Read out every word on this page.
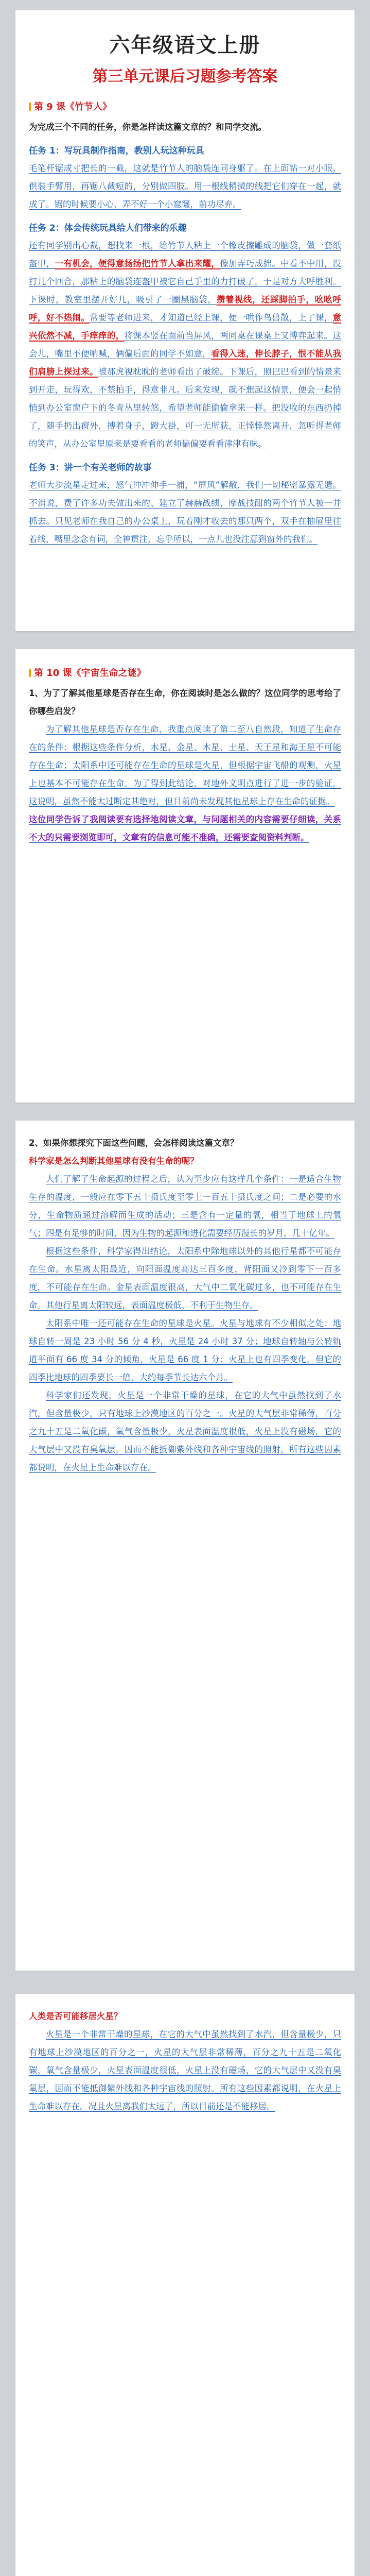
六年级语文上册
第三单元课后习题参考答案
第 9 课《竹节人》

为完成三个不同的任务，你是怎样读这篇文章的？和同学交流。

任务 1：写玩具制作指南，教别人玩这种玩具

毛笔杆锯成寸把长的一截，这就是竹节人的脑袋连同身躯了。在上面钻一对小眼，供装手臂用，再锯八截短的，分别做四肢。用一根线稍微的线把它们穿在一起，就成了。锯的时候要小心，弄不好一个小窟窿，前功尽弃。

任务 2：体会传统玩具给人们带来的乐趣

还有同学别出心裁，想找来一根，给竹节人粘上一个橡皮擦雕成的脑袋，做一套纸盔甲，一有机会，便得意扬扬把竹节人拿出来耀，像加弄巧成拙。中看不中用，没打几个回合，那粘上的脑袋连盔甲被它自己手里的力打破了。于是对方大呼胜利。下课时，教室里摆开好几，吸引了一圈黑脑袋，攒着视线，还踩脚拍手，吆吆呼呼，好不热闹。常要等老师进来，才知道已经上课，便一哄作鸟兽散，上了课，意兴依然不减，手痒痒的，将课本竖在面前当屏风，两同桌在课桌上又博弈起来。这会儿，嘴里不便呐喊，俩偏后面的同学不如意，看得入迷，伸长脖子，恨不能从我们肩膀上探过来。被那虎视眈眈的老师看出了破绽。下课后，照巴巴看到的情景来到开走，玩得欢，不禁拍手，得意非凡。后来发现，就不想起这情景，便会一起悄悄到办公室窗户下的冬青丛里转悠，希望老师能偷偷拿来一样。把没收的东西扔掉了，随手扔出窗外，搏着身子，蹬大褂，可一无所获，正悻悻然离开，忽听得老师的笑声，从办公室里原来是要看看的老师偏偏要看看津津有味。

任务 3：讲一个有关老师的故事

老师大步流星走过来，怒气冲冲伸手一捕，“屏风”解散，我们一切秘密暴露无遗。不消说，费了许多功夫做出来的、建立了赫赫战绩，摩战技酣的两个竹节人被一并抓去。只见老师在我自己的办公桌上，玩着刚才收去的那只两个，双手在抽屉里往着线，嘴里念念有词，全神贯注，忘乎所以，一点儿也没注意到窗外的我们。

第 10 课《宇宙生命之谜》

1、为了了解其他星球是否存在生命，你在阅读时是怎么做的？这位同学的思考给了你哪些启发？

为了解其他星球是否存在生命，我重点阅读了第二至八自然段，知道了生命存在的条件：根据这些条件分析，水星、金星、木星、土星、天王星和海王星不可能存在生命；太阳系中还可能存在生命的星球是火星，但根据宇宙飞船的观测，火星上也基本不可能存在生命。为了得到此结论，对地外文明点进行了进一步的验证，这说明，虽然不能太过断定其绝对，但目前尚未发现其他星球上存在生命的证据。

这位同学告诉了我阅读要有选择地阅读文章，与问题相关的内容需要仔细读，关系不大的只需要浏览即可，文章有的信息可能不准确，还需要查阅资料判断。

2、如果你想探究下面这些问题，会怎样阅读这篇文章？

科学家是怎么判断其他星球有没有生命的呢？

人们了解了生命起源的过程之后，认为至少应有这样几个条件：一是适合生物生存的温度，一般应在零下五十摄氏度至零上一百五十摄氏度之间；二是必要的水分，生命物质通过溶解而生成的活动；三是含有一定量的氧，相当于地球上的氧气；四是有足够的时间，因为生物的起源和进化需要经历漫长的岁月，几十亿年。

根据这些条件，科学家得出结论，太阳系中除地球以外的其他行星都不可能存在生命。水星离太阳最近，向阳面温度高达三百多度，背阳面又冷到零下一百多度，不可能存在生命。金星表面温度很高，大气中二氧化碳过多，也不可能存在生命。其他行星离太阳较远，表面温度极低，不利于生物生存。

太阳系中唯一还可能存在生命的星球是火星。火星与地球有不少相似之处：地球自转一周是 23 小时 56 分 4 秒，火星是 24 小时 37 分；地球自转轴与公转轨道平面有 66 度 34 分的倾角，火星是 66 度 1 分；火星上也有四季变化，但它的四季比地球的四季要长一倍，大约每季节长达六个月。

科学家们还发现，火星是一个非常干燥的星球，在它的大气中虽然找到了水汽，但含量极少，只有地球上沙漠地区的百分之一。火星的大气层非常稀薄，百分之九十五是二氧化碳，氧气含量极少，火星表面温度很低，火星上没有磁场，它的大气层中又没有臭氧层，因而不能抵御紫外线和各种宇宙线的照射，所有这些因素都说明，在火星上生命难以存在。

人类是否可能移居火星？

火星是一个非常干燥的星球，在它的大气中虽然找到了水汽，但含量极少，只有地球上沙漠地区的百分之一，火星的大气层非常稀薄，百分之九十五是二氧化碳，氧气含量极少，火星表面温度很低，火星上没有磁场，它的大气层中又没有臭氧层，因而不能抵御紫外线和各种宇宙线的照射。所有这些因素都说明，在火星上生命难以存在。况且火星离我们太远了，所以目前还是不能移居。
